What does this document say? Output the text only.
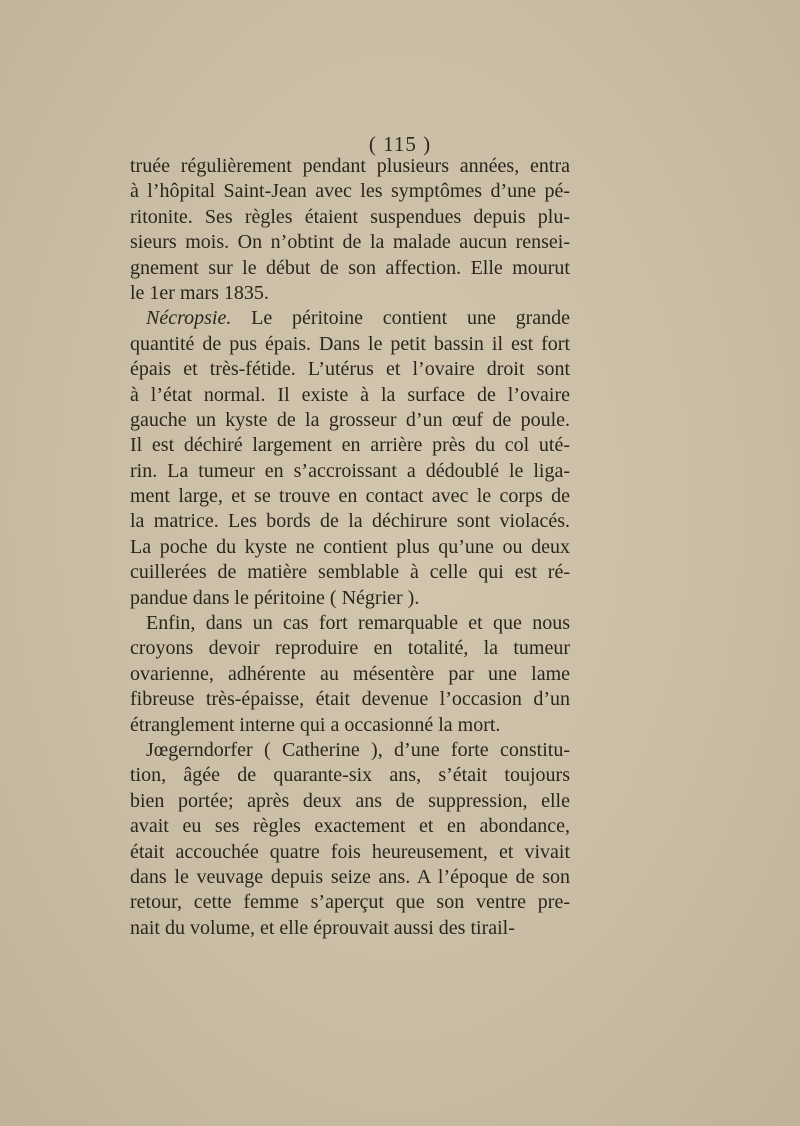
( 115 )
truée régulièrement pendant plusieurs années, entra
à l’hôpital Saint-Jean avec les symptômes d’une pé-
ritonite. Ses règles étaient suspendues depuis plu-
sieurs mois. On n’obtint de la malade aucun rensei-
gnement sur le début de son affection. Elle mourut
le 1er mars 1835.
Nécropsie. Le péritoine contient une grande
quantité de pus épais. Dans le petit bassin il est fort
épais et très-fétide. L’utérus et l’ovaire droit sont
à l’état normal. Il existe à la surface de l’ovaire
gauche un kyste de la grosseur d’un œuf de poule.
Il est déchiré largement en arrière près du col uté-
rin. La tumeur en s’accroissant a dédoublé le liga-
ment large, et se trouve en contact avec le corps de
la matrice. Les bords de la déchirure sont violacés.
La poche du kyste ne contient plus qu’une ou deux
cuillerées de matière semblable à celle qui est ré-
pandue dans le péritoine ( Négrier ).
Enfin, dans un cas fort remarquable et que nous
croyons devoir reproduire en totalité, la tumeur
ovarienne, adhérente au mésentère par une lame
fibreuse très-épaisse, était devenue l’occasion d’un
étranglement interne qui a occasionné la mort.
Jœgerndorfer ( Catherine ), d’une forte constitu-
tion, âgée de quarante-six ans, s’était toujours
bien portée; après deux ans de suppression, elle
avait eu ses règles exactement et en abondance,
était accouchée quatre fois heureusement, et vivait
dans le veuvage depuis seize ans. A l’époque de son
retour, cette femme s’aperçut que son ventre pre-
nait du volume, et elle éprouvait aussi des tirail-
